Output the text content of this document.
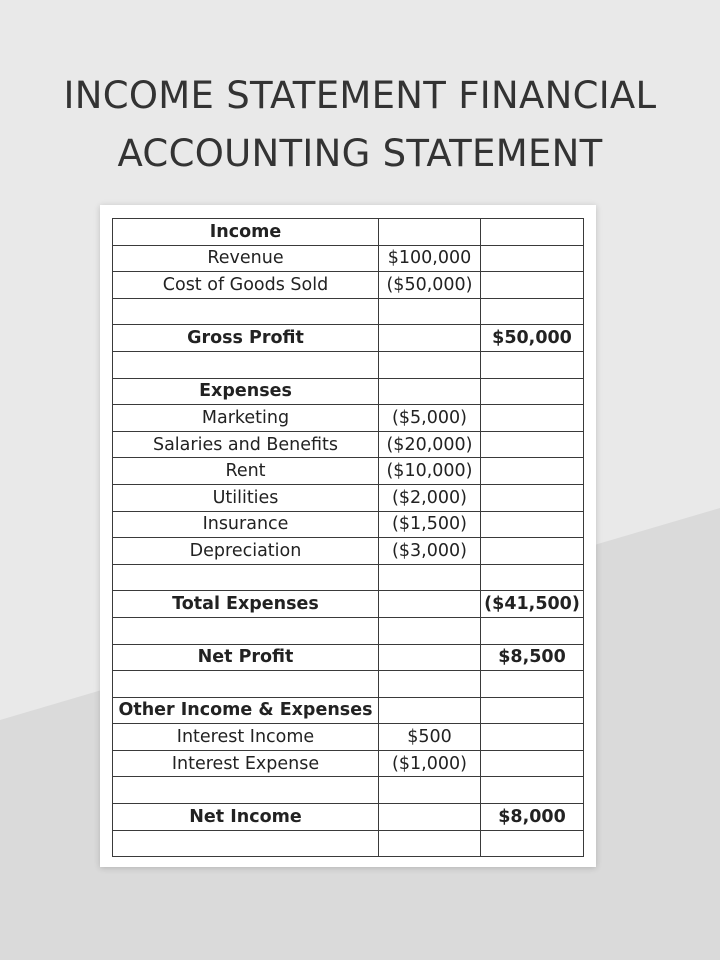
INCOME STATEMENT FINANCIAL
ACCOUNTING STATEMENT
Income		
Revenue	$100,000	
Cost of Goods Sold	($50,000)	

Gross Profit		$50,000

Expenses		
Marketing	($5,000)	
Salaries and Benefits	($20,000)	
Rent	($10,000)	
Utilities	($2,000)	
Insurance	($1,500)	
Depreciation	($3,000)	

Total Expenses		($41,500)

Net Profit		$8,500

Other Income & Expenses		
Interest Income	$500	
Interest Expense	($1,000)	

Net Income		$8,000
